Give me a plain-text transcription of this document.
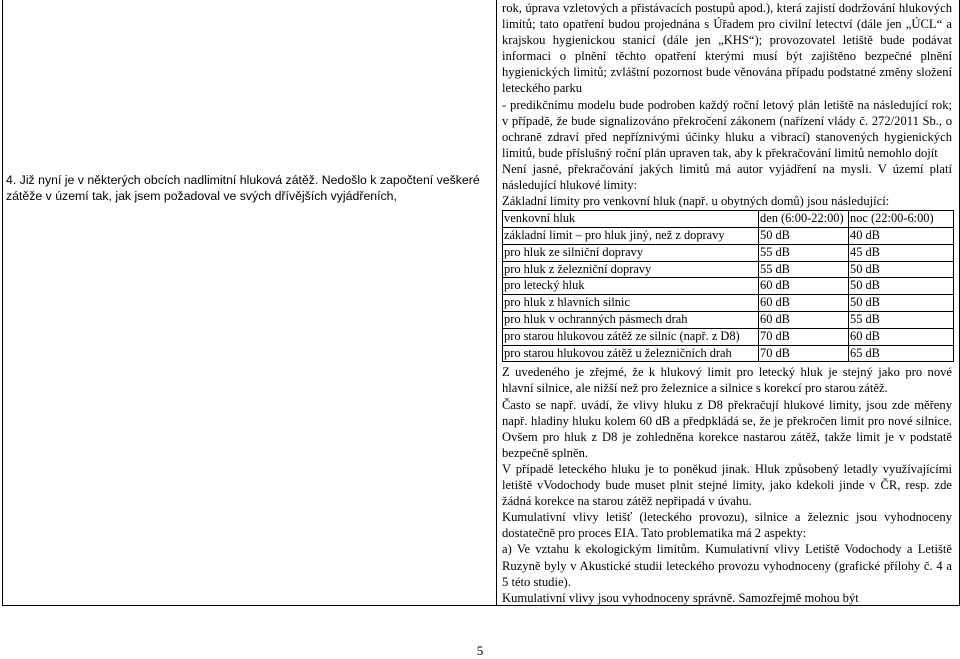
4. Již nyní je v některých obcích nadlimitní hluková zátěž. Nedošlo k započtení veškeré zátěže v území tak, jak jsem požadoval ve svých dřívějších vyjádřeních,

rok, úprava vzletových a přistávacích postupů apod.), která zajistí dodržování hlukových limitů; tato opatření budou projednána s Úřadem pro civilní letectví (dále jen „ÚCL“ a krajskou hygienickou stanicí (dále jen „KHS“); provozovatel letiště bude podávat informaci o plnění těchto opatření kterými musí být zajištěno bezpečné plnění hygienických limitů; zvláštní pozornost bude věnována případu podstatné změny složení leteckého parku

- predikčnímu modelu bude podroben každý roční letový plán letiště na následující rok; v případě, že bude signalizováno překročení zákonem (nařízení vlády č. 272/2011 Sb., o ochraně zdraví před nepříznivými účinky hluku a vibrací) stanovených hygienických limitů, bude příslušný roční plán upraven tak, aby k překračování limitů nemohlo dojít

Není jasné, překračování jakých limitů má autor vyjádření na mysli. V území platí následující hlukové limity:

Základní limity pro venkovní hluk (např. u obytných domů) jsou následující:

venkovní hluk	den (6:00-22:00)	noc (22:00-6:00)
základní limit – pro hluk jiný, než z dopravy	50 dB	40 dB
pro hluk ze silniční dopravy	55 dB	45 dB
pro hluk z železniční dopravy	55 dB	50 dB
pro letecký hluk	60 dB	50 dB
pro hluk z hlavních silnic	60 dB	50 dB
pro hluk v ochranných pásmech drah	60 dB	55 dB
pro starou hlukovou zátěž ze silnic (např. z D8)	70 dB	60 dB
pro starou hlukovou zátěž u železničních drah	70 dB	65 dB

Z uvedeného je zřejmé, že k hlukový limit pro letecký hluk je stejný jako pro nové hlavní silnice, ale nižší než pro železnice a silnice s korekcí pro starou zátěž.

Často se např. uvádí, že vlivy hluku z D8 překračují hlukové limity, jsou zde měřeny např. hladiny hluku kolem 60 dB a předpkládá se, že je překročen limit pro nové silnice. Ovšem pro hluk z D8 je zohledněna korekce nastarou zátěž, takže limit je v podstatě bezpečně splněn.

V případě leteckého hluku je to poněkud jinak. Hluk způsobený letadly využívajícími letiště vVodochody bude muset plnit stejné limity, jako kdekoli jinde v ČR, resp. zde žádná korekce na starou zátěž nepřipadá v úvahu.

Kumulativní vlivy letišť (leteckého provozu), silnice a železnic jsou vyhodnoceny dostatečně pro proces EIA. Tato problematika má 2 aspekty:

a) Ve vztahu k ekologickým limitům. Kumulativní vlivy Letiště Vodochody a Letiště Ruzyně byly v Akustické studii leteckého provozu vyhodnoceny (grafické přílohy č. 4 a 5 této studie).

Kumulativní vlivy jsou vyhodnoceny správně. Samozřejmě mohou být

5
